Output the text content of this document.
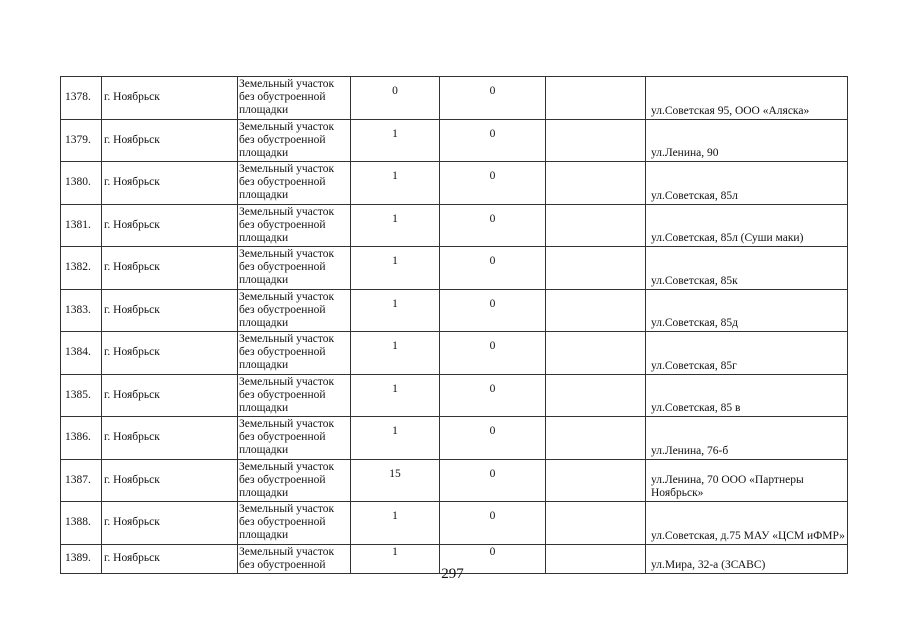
1378.	г. Ноябрьск	Земельный участок
без обустроенной
площадки	0	0		ул.Советская 95, ООО «Аляска»
1379.	г. Ноябрьск	Земельный участок
без обустроенной
площадки	1	0		ул.Ленина, 90
1380.	г. Ноябрьск	Земельный участок
без обустроенной
площадки	1	0		ул.Советская, 85л
1381.	г. Ноябрьск	Земельный участок
без обустроенной
площадки	1	0		ул.Советская, 85л (Суши маки)
1382.	г. Ноябрьск	Земельный участок
без обустроенной
площадки	1	0		ул.Советская, 85к
1383.	г. Ноябрьск	Земельный участок
без обустроенной
площадки	1	0		ул.Советская, 85д
1384.	г. Ноябрьск	Земельный участок
без обустроенной
площадки	1	0		ул.Советская, 85г
1385.	г. Ноябрьск	Земельный участок
без обустроенной
площадки	1	0		ул.Советская, 85 в
1386.	г. Ноябрьск	Земельный участок
без обустроенной
площадки	1	0		ул.Ленина, 76-б
1387.	г. Ноябрьск	Земельный участок
без обустроенной
площадки	15	0		ул.Ленина, 70 ООО «Партнеры Ноябрьск»
1388.	г. Ноябрьск	Земельный участок
без обустроенной
площадки	1	0		ул.Советская, д.75 МАУ «ЦСМ иФМР»
1389.	г. Ноябрьск	Земельный участок
без обустроенной	1	0		ул.Мира, 32-а (ЗСАВС)
297
